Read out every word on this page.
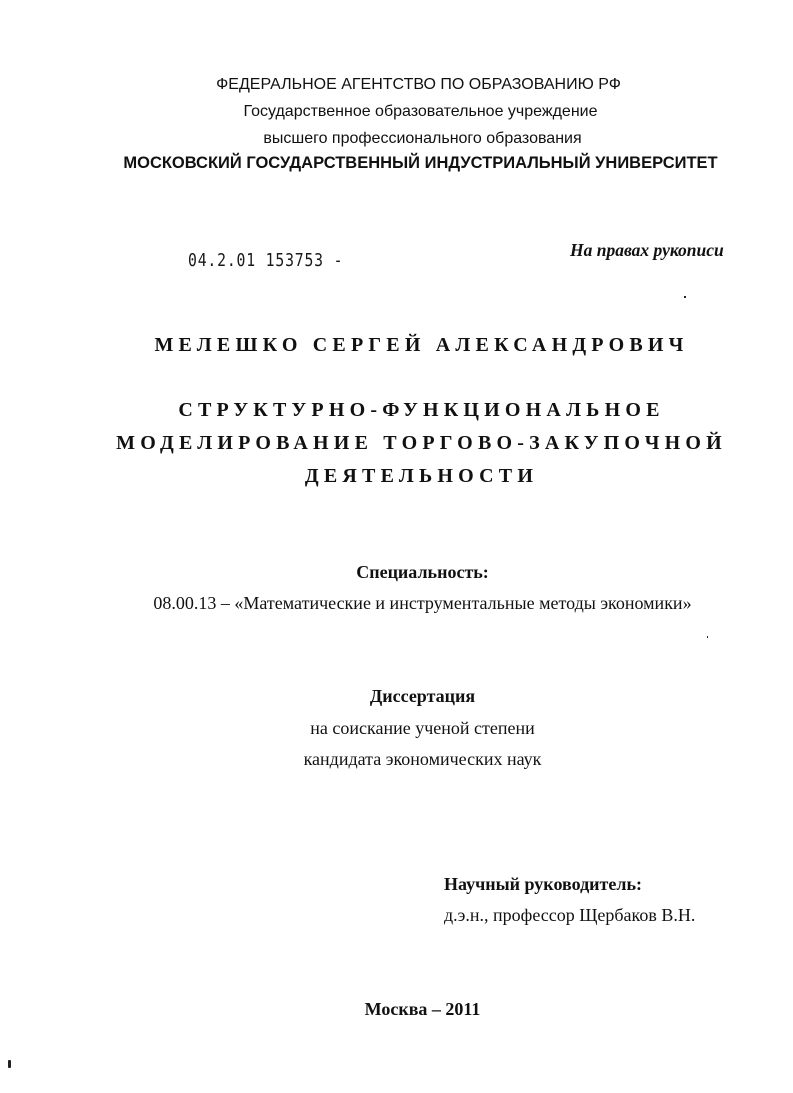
ФЕДЕРАЛЬНОЕ АГЕНТСТВО ПО ОБРАЗОВАНИЮ РФ
Государственное образовательное учреждение
высшего профессионального образования
МОСКОВСКИЙ ГОСУДАРСТВЕННЫЙ ИНДУСТРИАЛЬНЫЙ УНИВЕРСИТЕТ
04.2.01 153753 -	На правах рукописи
МЕЛЕШКО СЕРГЕЙ АЛЕКСАНДРОВИЧ
СТРУКТУРНО-ФУНКЦИОНАЛЬНОЕ
МОДЕЛИРОВАНИЕ ТОРГОВО-ЗАКУПОЧНОЙ
ДЕЯТЕЛЬНОСТИ
Специальность:
08.00.13 – «Математические и инструментальные методы экономики»
Диссертация
на соискание ученой степени
кандидата экономических наук
Научный руководитель:
д.э.н., профессор Щербаков В.Н.
Москва – 2011
